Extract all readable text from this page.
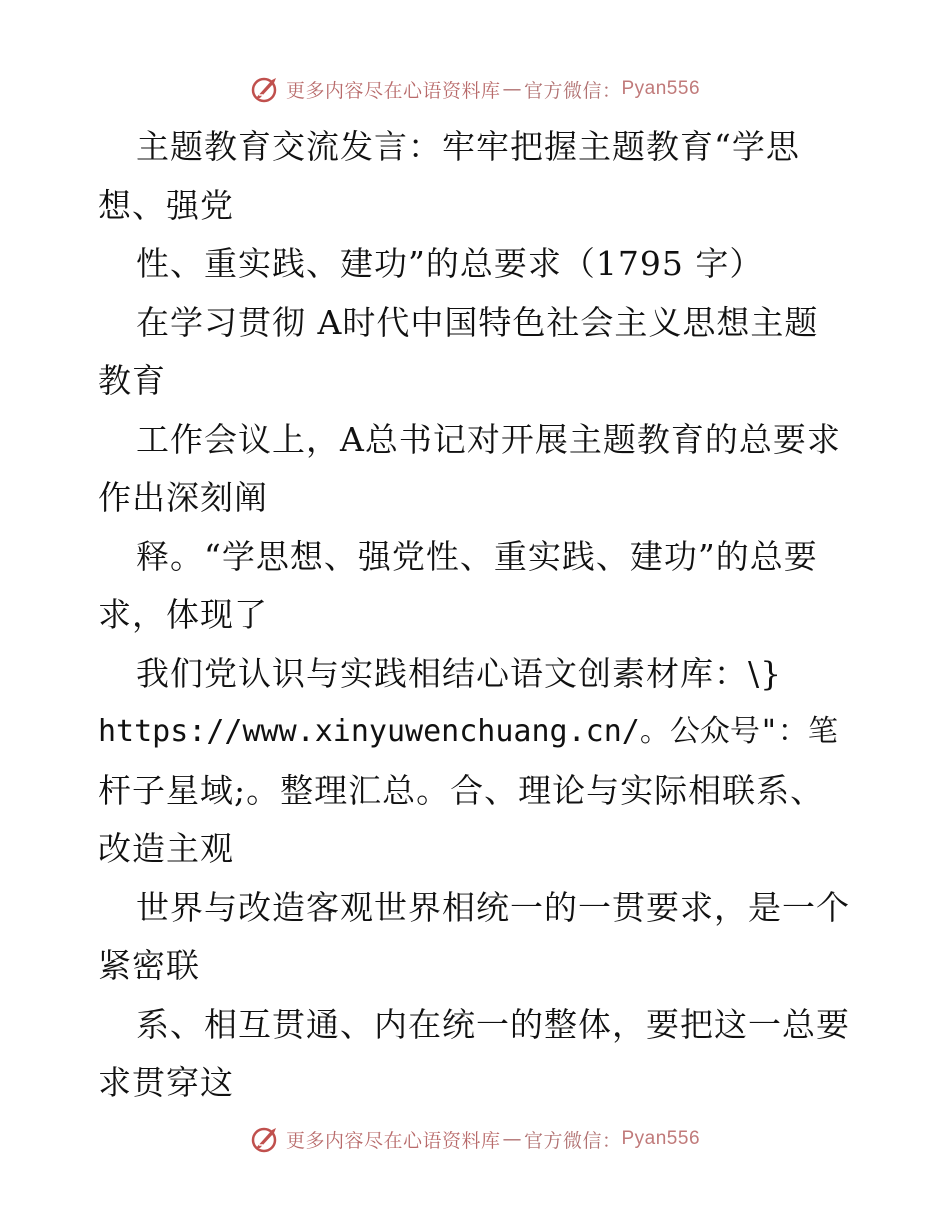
更多内容尽在心语资料库 — 官方微信： Pyan556
主题教育交流发言：牢牢把握主题教育“学思
想、强党
性、重实践、建功”的总要求（1795 字）
在学习贯彻 A时代中国特色社会主义思想主题
教育
工作会议上，A总书记对开展主题教育的总要求
作出深刻阐
释。“学思想、强党性、重实践、建功”的总要
求，体现了
我们党认识与实践相结心语文创素材库：\}
https://www.xinyuwenchuang.cn/。公众号"：笔
杆子星域;。整理汇总。合、理论与实际相联系、
改造主观
世界与改造客观世界相统一的一贯要求，是一个
紧密联
系、相互贯通、内在统一的整体，要把这一总要
求贯穿这
更多内容尽在心语资料库 — 官方微信： Pyan556
